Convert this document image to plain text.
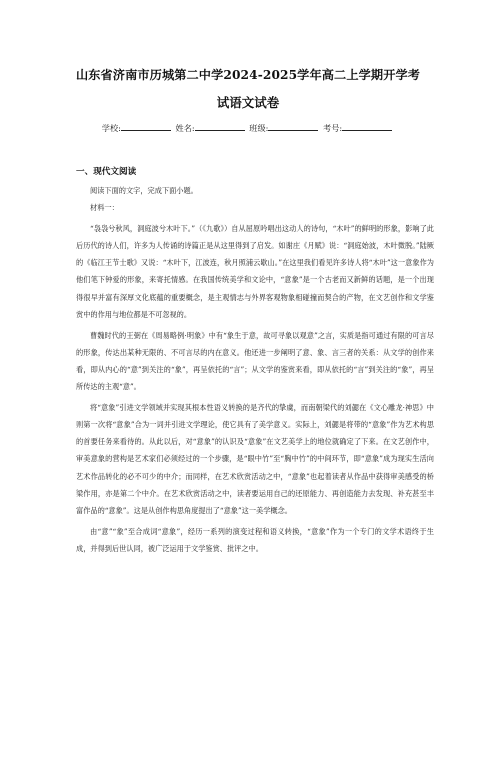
山东省济南市历城第二中学2024-2025学年高二上学期开学考
试语文试卷
学校:	姓名:	班级:	考号:
一、现代文阅读

阅读下面的文字，完成下面小题。

材料一：

“袅袅兮秋风，洞庭波兮木叶下。”（《九歌》）自从屈原吟唱出这动人的诗句，“木叶”的鲜明的形象，影响了此后历代的诗人们，许多为人传诵的诗篇正是从这里得到了启发。如谢庄《月赋》说：“洞庭始波，木叶微脱。”陆厥的《临江王节士歌》又说：“木叶下，江波连，秋月照浦云歇山。”在这里我们看见许多诗人将“木叶”这一意象作为他们笔下钟爱的形象，来寄托情感。在我国传统美学和文论中，“意象”是一个古老而又新鲜的话题，是一个出现得很早并富有深厚文化底蕴的重要概念，是主观情志与外界客观物象相碰撞而契合的产物，在文艺创作和文学鉴赏中的作用与地位都是不可忽视的。

曹魏时代的王弼在《周易略例·明象》中有“象生于意，故可寻象以观意”之言，实质是指可通过有限的可言尽的形象，传达出某种无限的、不可言尽的内在意义。他还进一步阐明了意、象、言三者的关系：从文学的创作来看，即从内心的“意”到关注的“象”，再呈依托的“言”；从文学的鉴赏来看，即从依托的“言”到关注的“象”，再呈所传达的主观“意”。

将“意象”引进文学领域并实现其根本性语义转换的是齐代的挚虞，而南朝梁代的刘勰在《文心雕龙·神思》中则第一次将“意象”合为一词并引进文学理论，使它具有了美学意义。实际上，刘勰是将带的“意象”作为艺术构思的首要任务来看待的。从此以后，对“意象”的认识及“意象”在文艺美学上的地位就确定了下来。在文艺创作中，审美意象的营构是艺术家们必须经过的一个步骤，是“眼中竹”至“胸中竹”的中间环节，即“意象”成为现实生活向艺术作品转化的必不可少的中介；而同样，在艺术欣赏活动之中，“意象”也起着读者从作品中获得审美感受的桥梁作用，亦是第二个中介。在艺术欣赏活动之中，读者要运用自己的还原能力、再创造能力去发现、补充甚至丰富作品的“意象”。这是从创作构思角度提出了“意象”这一美学概念。

由“意”“象”至合成词“意象”，经历一系列的演变过程和语义转换，“意象”作为一个专门的文学术语终于生成，并得到后世认同，被广泛运用于文学鉴赏、批评之中。
